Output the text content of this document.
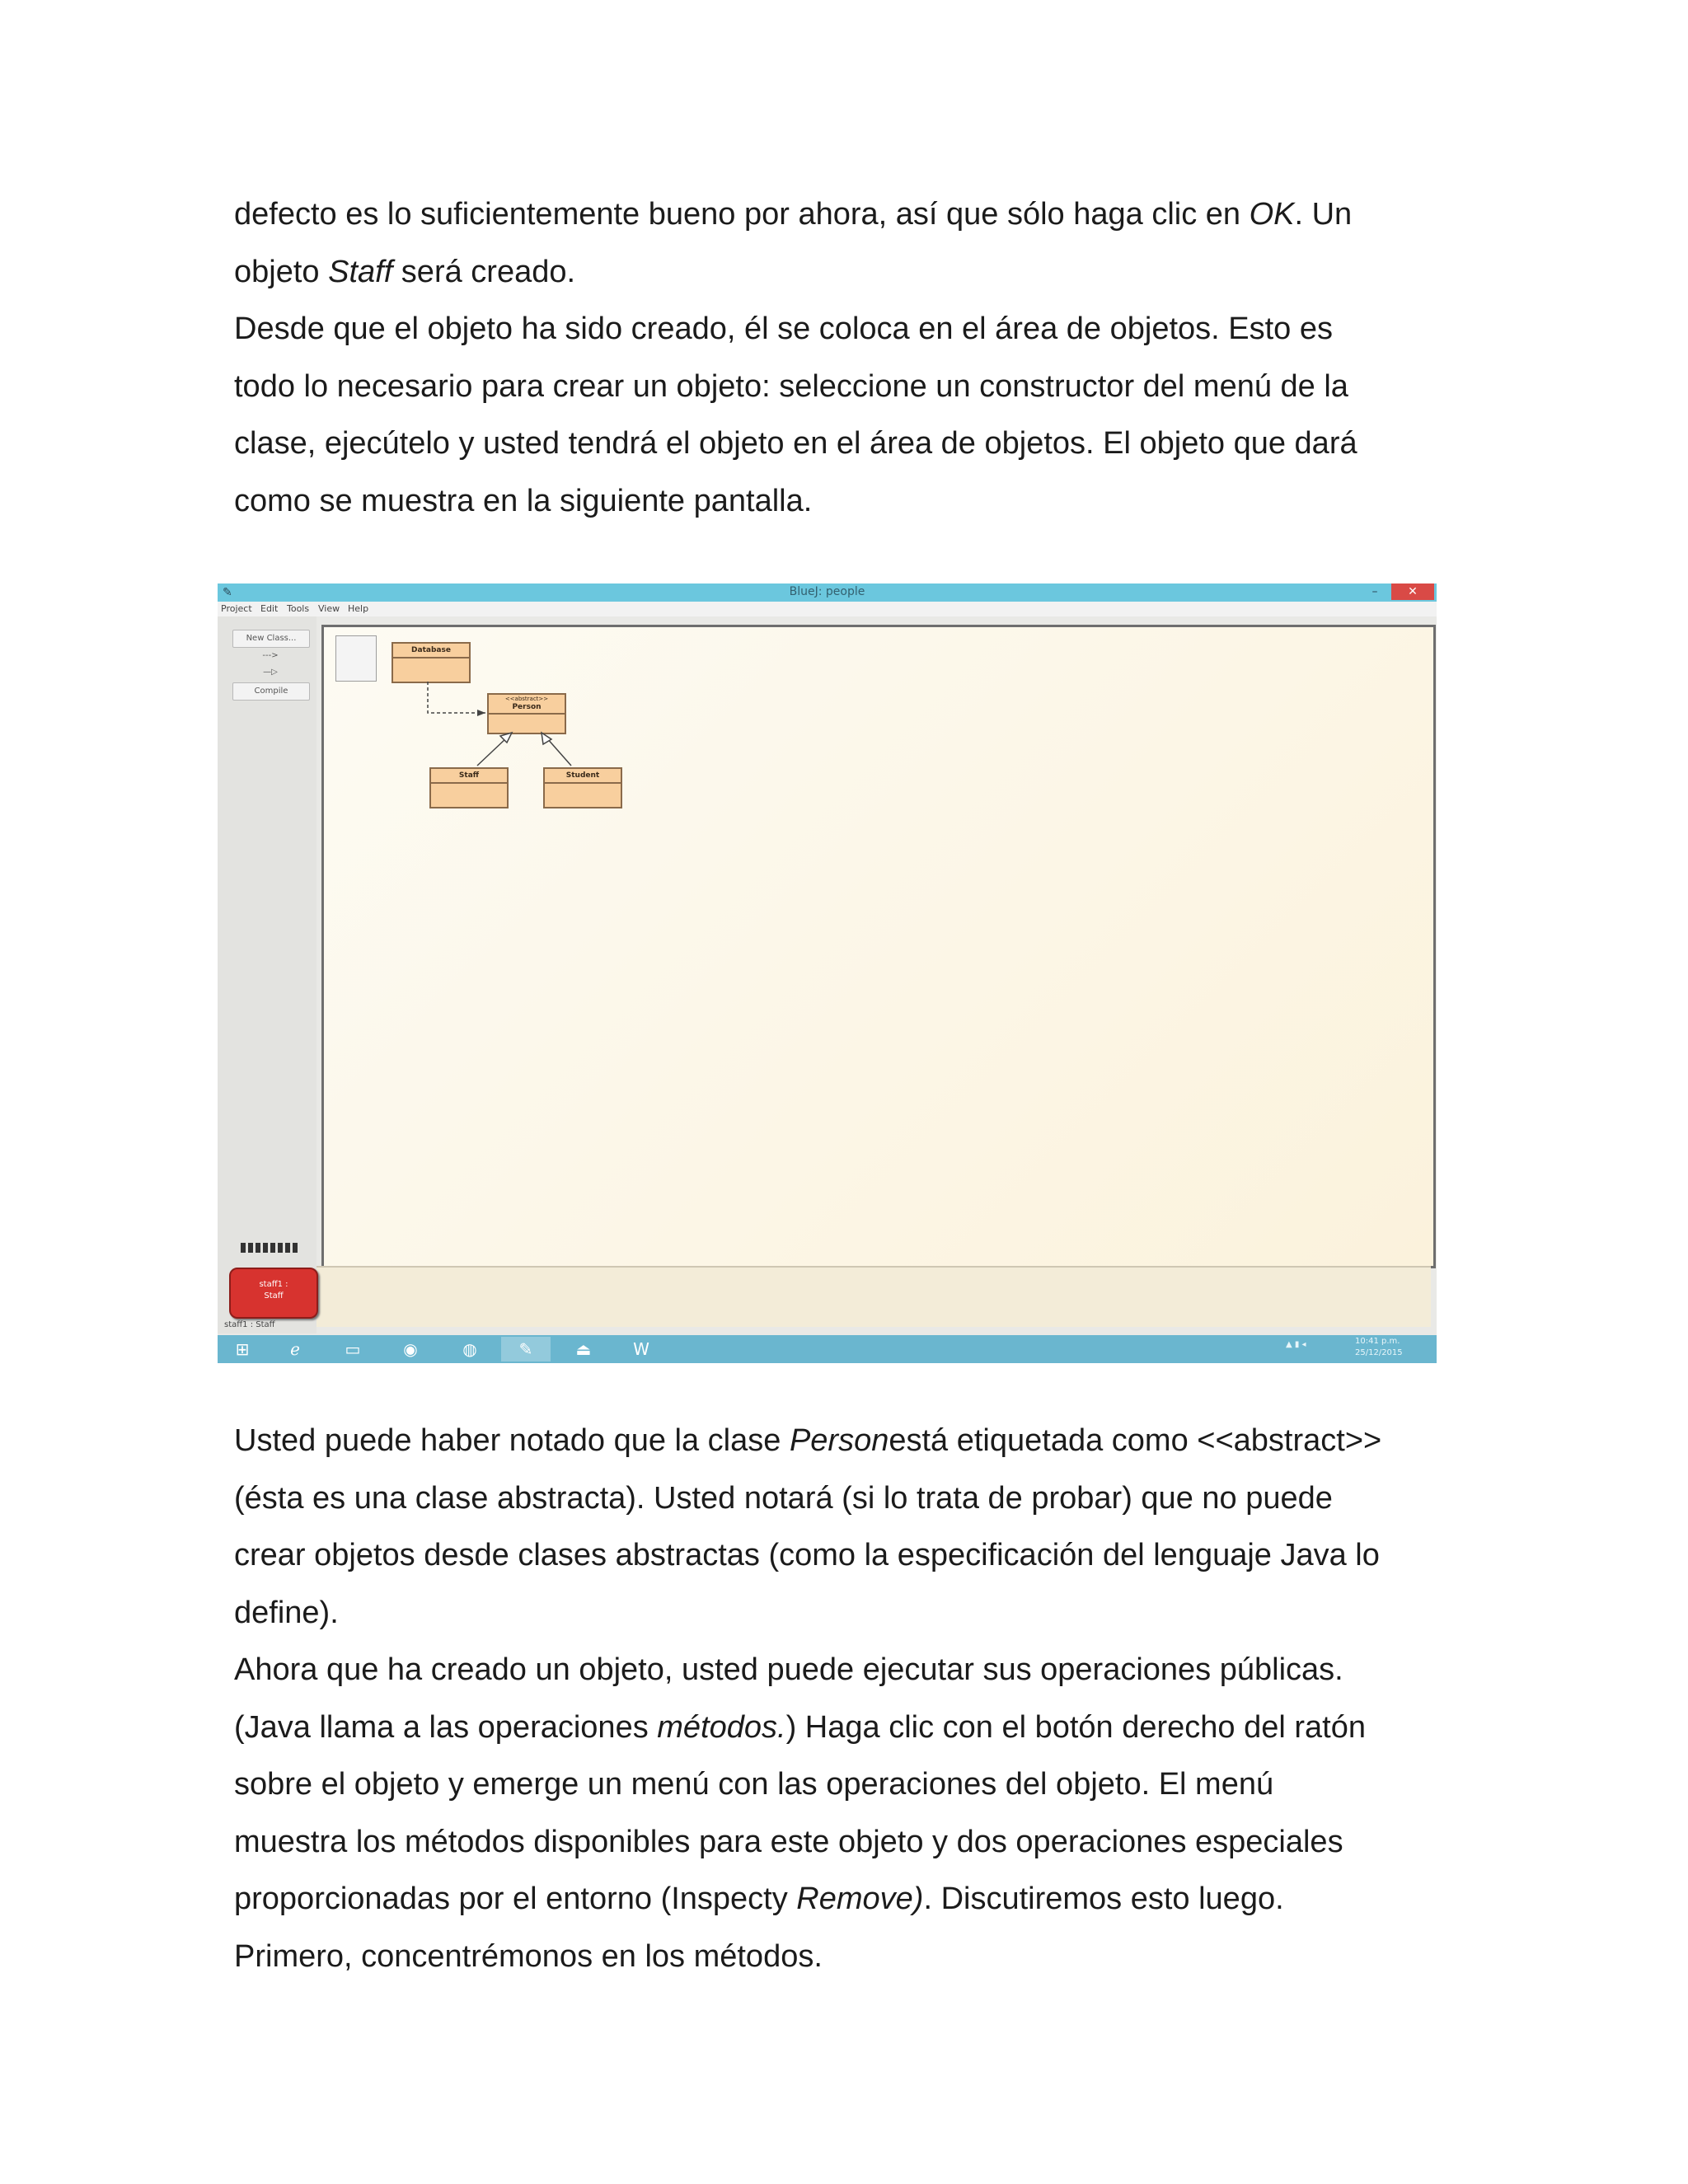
defecto es lo suficientemente bueno por ahora, así que sólo haga clic en OK. Un

objeto Staff será creado.

Desde que el objeto ha sido creado, él se coloca en el área de objetos. Esto es

todo lo necesario para crear un objeto: seleccione un constructor del menú de la

clase, ejecútelo y usted tendrá el objeto en el área de objetos. El objeto que dará

como se muestra en la siguiente pantalla.

✎	BlueJ: people	–	✕
Project Edit Tools View Help
New Class...
--->
—▷
Compile
Database
<<abstract>>
Person
Staff	Student
staff1 :
Staff
staff1 : Staff
⊞	ℯ	▭	◉	◍	✎	⏏	W	▲ ▮ ◂	10:41 p.m.
25/12/2015

Usted puede haber notado que la clase Personestá etiquetada como <<abstract>>

(ésta es una clase abstracta). Usted notará (si lo trata de probar) que no puede

crear objetos desde clases abstractas (como la especificación del lenguaje Java lo

define).

Ahora que ha creado un objeto, usted puede ejecutar sus operaciones públicas.

(Java llama a las operaciones métodos.) Haga clic con el botón derecho del ratón

sobre el objeto y emerge un menú con las operaciones del objeto. El menú

muestra los métodos disponibles para este objeto y dos operaciones especiales

proporcionadas por el entorno (Inspecty Remove). Discutiremos esto luego.

Primero, concentrémonos en los métodos.
